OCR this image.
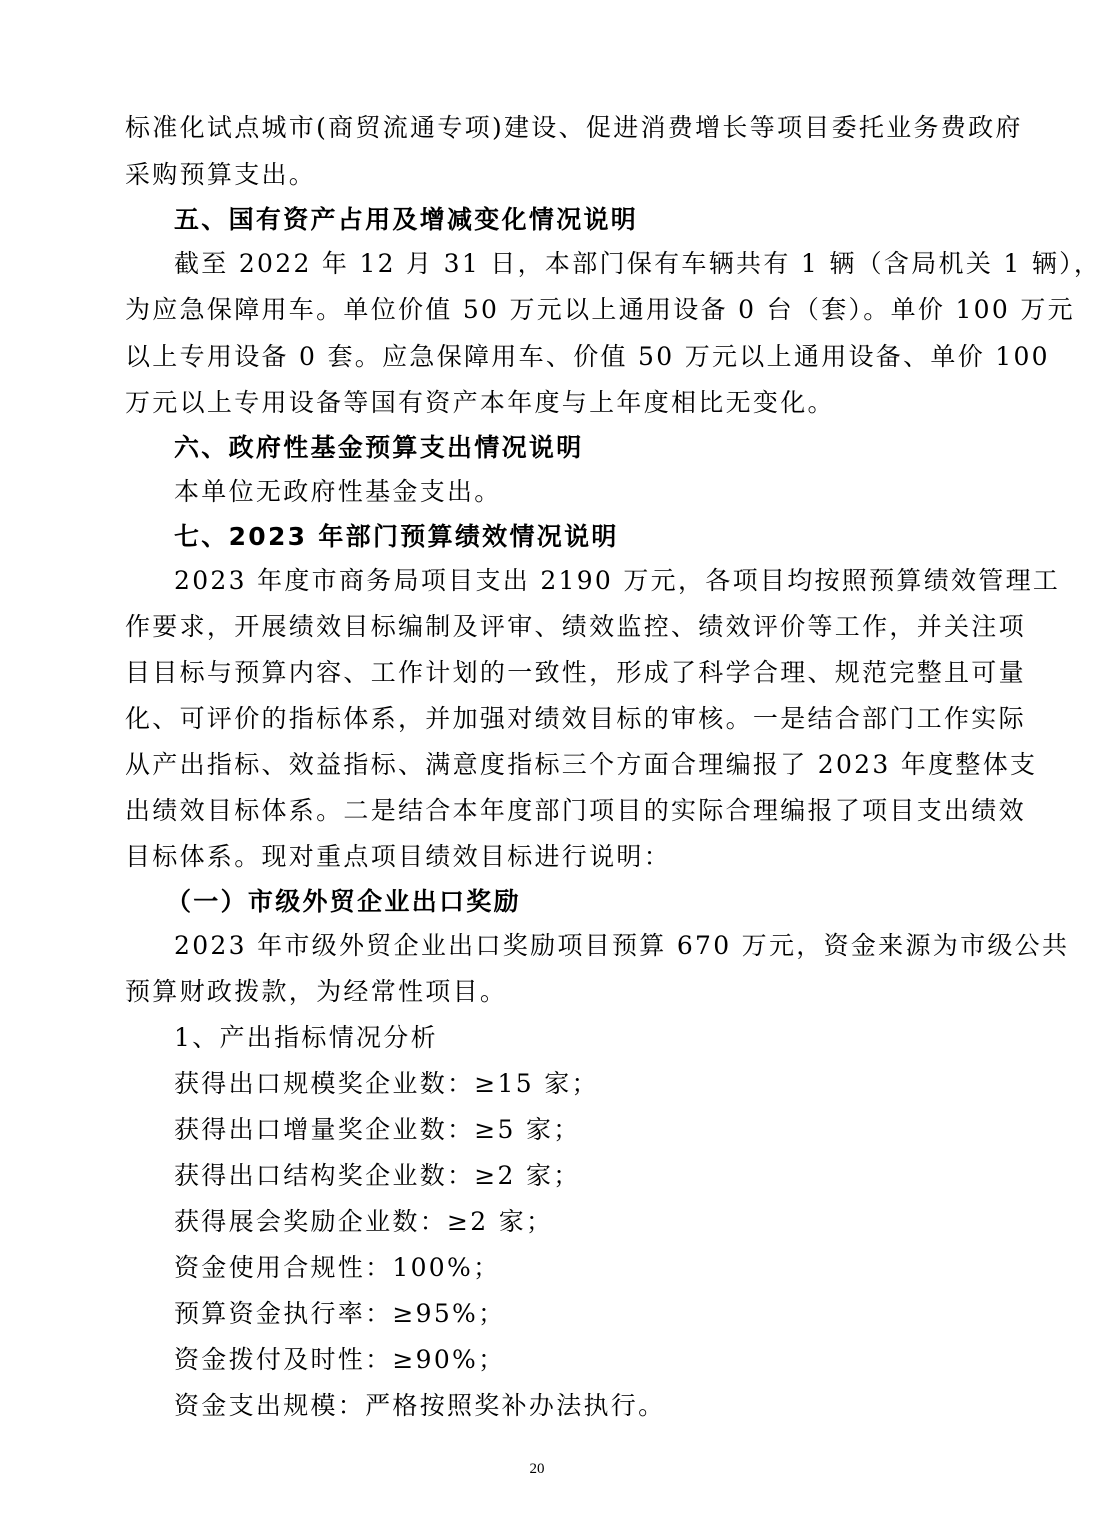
标准化试点城市(商贸流通专项)建设、促进消费增长等项目委托业务费政府
采购预算支出。
五、国有资产占用及增减变化情况说明
截至 2022 年 12 月 31 日，本部门保有车辆共有 1 辆（含局机关 1 辆），
为应急保障用车。单位价值 50 万元以上通用设备 0 台（套）。单价 100 万元
以上专用设备 0 套。应急保障用车、价值 50 万元以上通用设备、单价 100
万元以上专用设备等国有资产本年度与上年度相比无变化。
六、政府性基金预算支出情况说明
本单位无政府性基金支出。
七、2023 年部门预算绩效情况说明
2023 年度市商务局项目支出 2190 万元，各项目均按照预算绩效管理工
作要求，开展绩效目标编制及评审、绩效监控、绩效评价等工作，并关注项
目目标与预算内容、工作计划的一致性，形成了科学合理、规范完整且可量
化、可评价的指标体系，并加强对绩效目标的审核。一是结合部门工作实际
从产出指标、效益指标、满意度指标三个方面合理编报了 2023 年度整体支
出绩效目标体系。二是结合本年度部门项目的实际合理编报了项目支出绩效
目标体系。现对重点项目绩效目标进行说明：
（一）市级外贸企业出口奖励
2023 年市级外贸企业出口奖励项目预算 670 万元，资金来源为市级公共
预算财政拨款，为经常性项目。
1、产出指标情况分析
获得出口规模奖企业数：≥15 家；
获得出口增量奖企业数：≥5 家；
获得出口结构奖企业数：≥2 家；
获得展会奖励企业数：≥2 家；
资金使用合规性：100%；
预算资金执行率：≥95%；
资金拨付及时性：≥90%；
资金支出规模：严格按照奖补办法执行。
20
